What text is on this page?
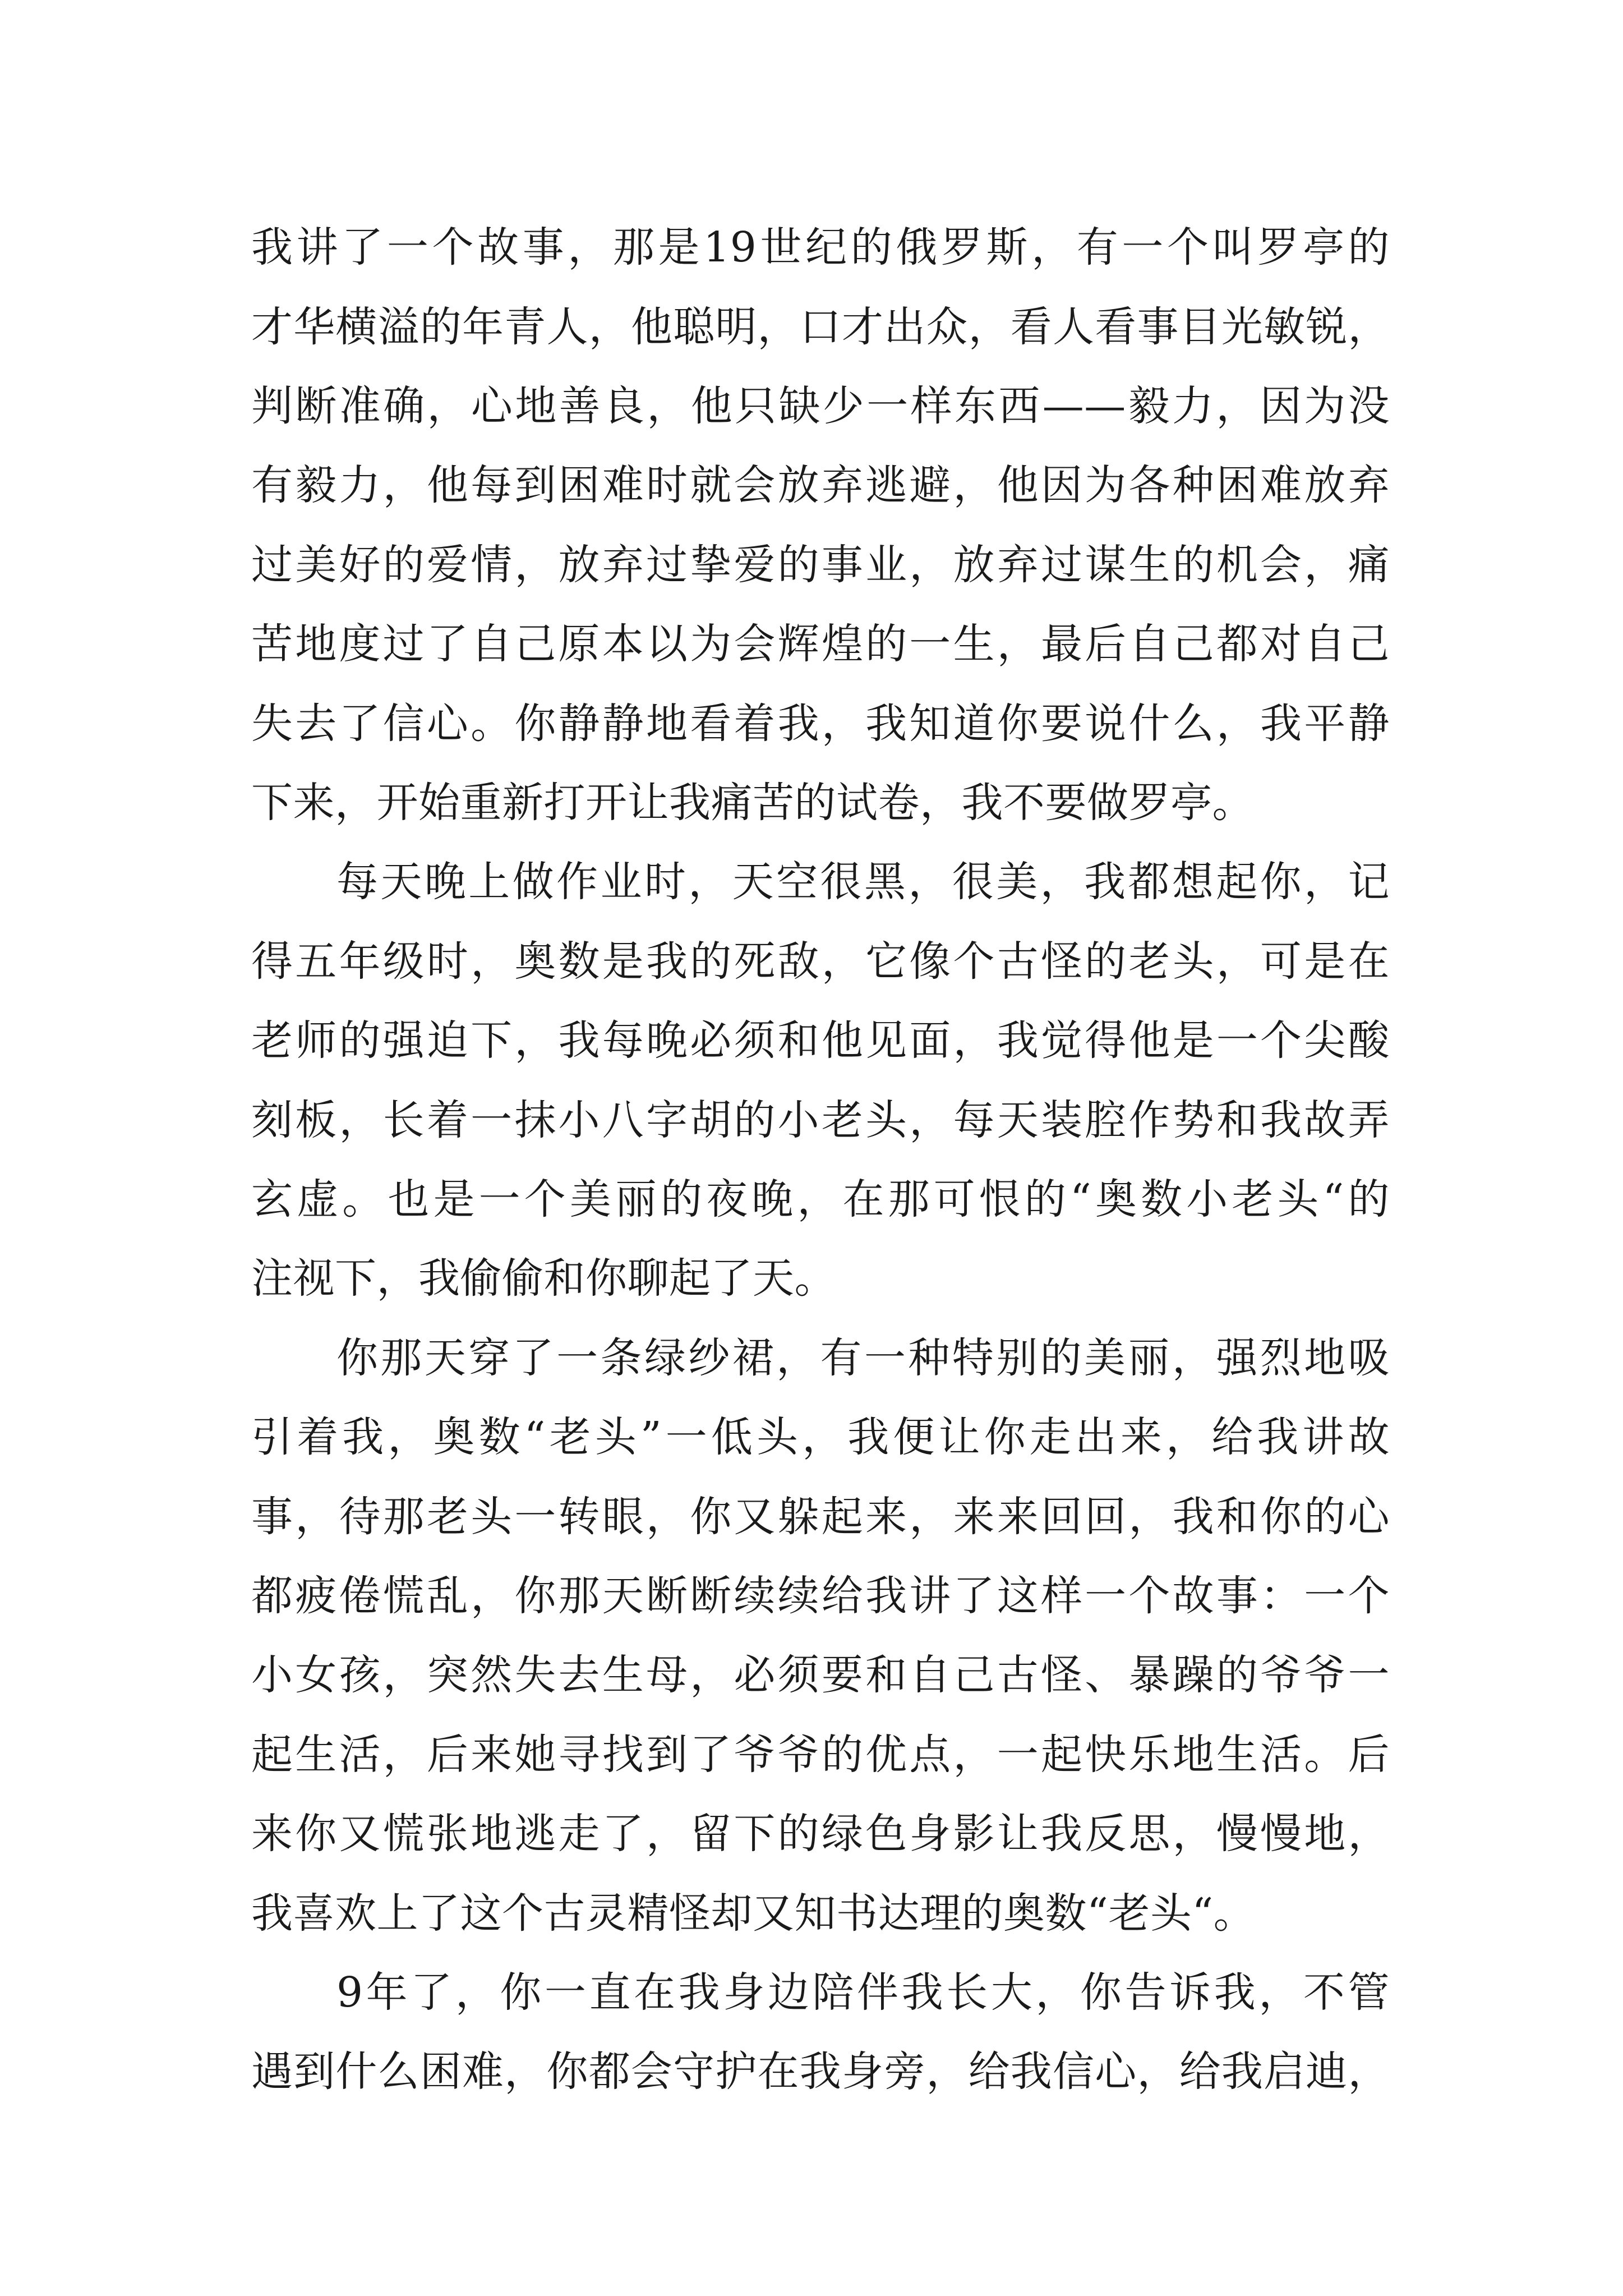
我讲了一个故事，那是19世纪的俄罗斯，有一个叫罗亭的

才华横溢的年青人，他聪明，口才出众，看人看事目光敏锐，

判断准确，心地善良，他只缺少一样东西——毅力，因为没

有毅力，他每到困难时就会放弃逃避，他因为各种困难放弃

过美好的爱情，放弃过挚爱的事业，放弃过谋生的机会，痛

苦地度过了自己原本以为会辉煌的一生，最后自己都对自己

失去了信心。你静静地看着我，我知道你要说什么，我平静

下来，开始重新打开让我痛苦的试卷，我不要做罗亭。

每天晚上做作业时，天空很黑，很美，我都想起你，记

得五年级时，奥数是我的死敌，它像个古怪的老头，可是在

老师的强迫下，我每晚必须和他见面，我觉得他是一个尖酸

刻板，长着一抹小八字胡的小老头，每天装腔作势和我故弄

玄虚。也是一个美丽的夜晚，在那可恨的“奥数小老头“的

注视下，我偷偷和你聊起了天。

你那天穿了一条绿纱裙，有一种特别的美丽，强烈地吸

引着我，奥数“老头”一低头，我便让你走出来，给我讲故

事，待那老头一转眼，你又躲起来，来来回回，我和你的心

都疲倦慌乱，你那天断断续续给我讲了这样一个故事：一个

小女孩，突然失去生母，必须要和自己古怪、暴躁的爷爷一

起生活，后来她寻找到了爷爷的优点，一起快乐地生活。后

来你又慌张地逃走了，留下的绿色身影让我反思，慢慢地，

我喜欢上了这个古灵精怪却又知书达理的奥数“老头“。

9年了，你一直在我身边陪伴我长大，你告诉我，不管

遇到什么困难，你都会守护在我身旁，给我信心，给我启迪，
